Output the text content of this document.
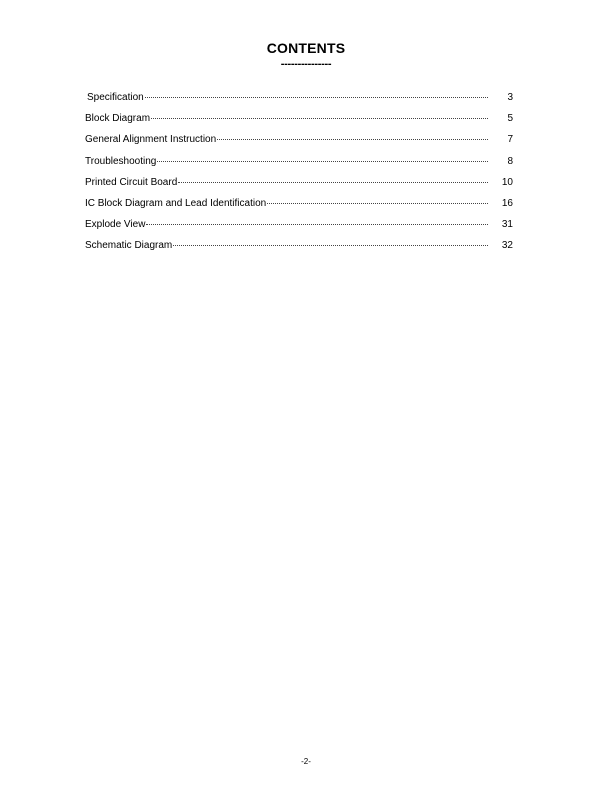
CONTENTS
---------------
Specification	3
Block Diagram	5
General Alignment Instruction	7
Troubleshooting	8
Printed Circuit Board	10
IC Block Diagram and Lead Identification	16
Explode View	31
Schematic Diagram	32
-2-
